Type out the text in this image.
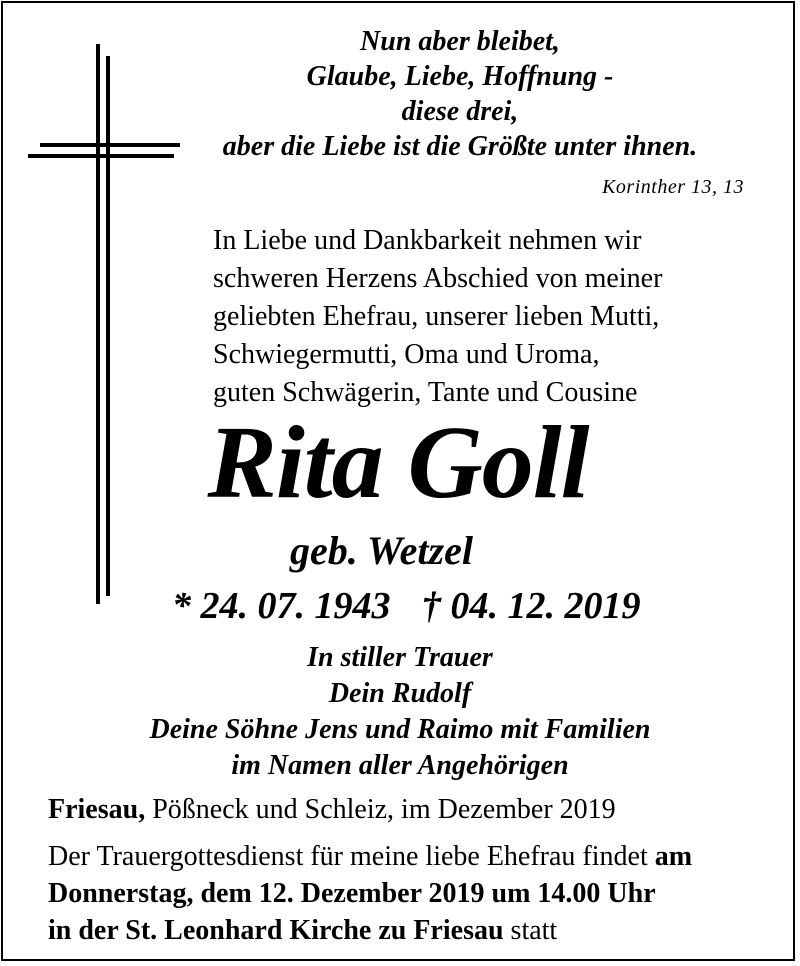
Nun aber bleibet,
Glaube, Liebe, Hoffnung -
diese drei,
aber die Liebe ist die Größte unter ihnen.
Korinther 13, 13
In Liebe und Dankbarkeit nehmen wir
schweren Herzens Abschied von meiner
geliebten Ehefrau, unserer lieben Mutti,
Schwiegermutti, Oma und Uroma,
guten Schwägerin, Tante und Cousine
Rita Goll
geb. Wetzel
* 24. 07. 1943 † 04. 12. 2019
In stiller Trauer
Dein Rudolf
Deine Söhne Jens und Raimo mit Familien
im Namen aller Angehörigen
Friesau, Pößneck und Schleiz, im Dezember 2019
Der Trauergottesdienst für meine liebe Ehefrau findet am
Donnerstag, dem 12. Dezember 2019 um 14.00 Uhr
in der St. Leonhard Kirche zu Friesau statt
